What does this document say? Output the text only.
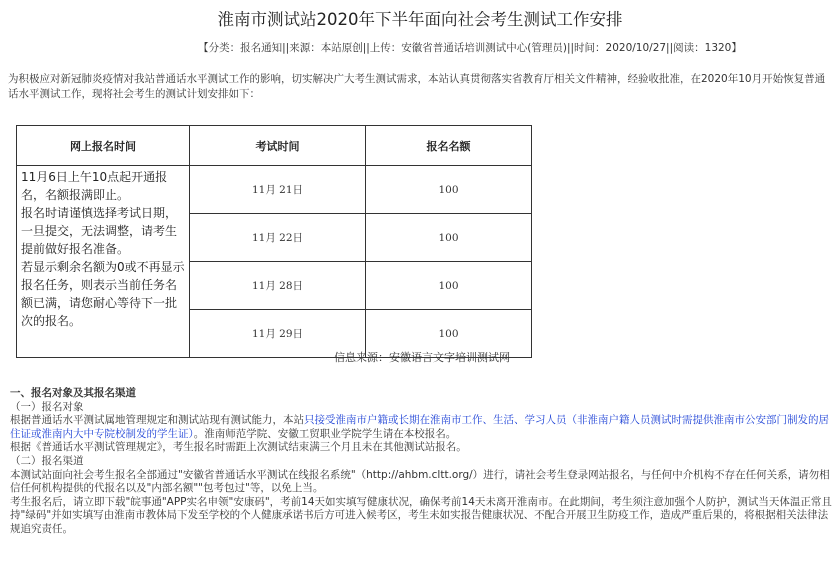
淮南市测试站2020年下半年面向社会考生测试工作安排
【分类：报名通知||来源：本站原创||上传：安徽省普通话培训测试中心(管理员)||时间：2020/10/27||阅读：1320】
为积极应对新冠肺炎疫情对我站普通话水平测试工作的影响，切实解决广大考生测试需求，本站认真贯彻落实省教育厅相关文件精神，经验收批准，在2020年10月开始恢复普通话水平测试工作，现将社会考生的测试计划安排如下：
网上报名时间	考试时间	报名名额

11月6日上午10点起开通报名，名额报满即止。
报名时请谨慎选择考试日期，一旦提交，无法调整，请考生提前做好报名准备。
若显示剩余名额为0或不再显示报名任务，则表示当前任务名额已满，请您耐心等待下一批次的报名。	11月 21日	100
	11月 22日	100
	11月 28日	100
	11月 29日	100
信息来源：安徽语言文字培训测试网

一、报名对象及其报名渠道

（一）报名对象

根据普通话水平测试属地管理规定和测试站现有测试能力，本站只接受淮南市户籍或长期在淮南市工作、生活、学习人员（非淮南户籍人员测试时需提供淮南市公安部门制发的居住证或淮南内大中专院校制发的学生证）。淮南师范学院、安徽工贸职业学院学生请在本校报名。

根据《普通话水平测试管理规定》，考生报名时需距上次测试结束满三个月且未在其他测试站报名。

（二）报名渠道

本测试站面向社会考生报名全部通过"安徽省普通话水平测试在线报名系统"（http://ahbm.cltt.org/）进行，请社会考生登录网站报名，与任何中介机构不存在任何关系，请勿相信任何机构提供的代报名以及"内部名额""包考包过"等，以免上当。

考生报名后，请立即下载"皖事通"APP实名申领"安康码"，考前14天如实填写健康状况，确保考前14天未离开淮南市。在此期间，考生须注意加强个人防护，测试当天体温正常且持"绿码"并如实填写由淮南市教体局下发至学校的个人健康承诺书后方可进入候考区，考生未如实报告健康状况、不配合开展卫生防疫工作，造成严重后果的，将根据相关法律法规追究责任。
